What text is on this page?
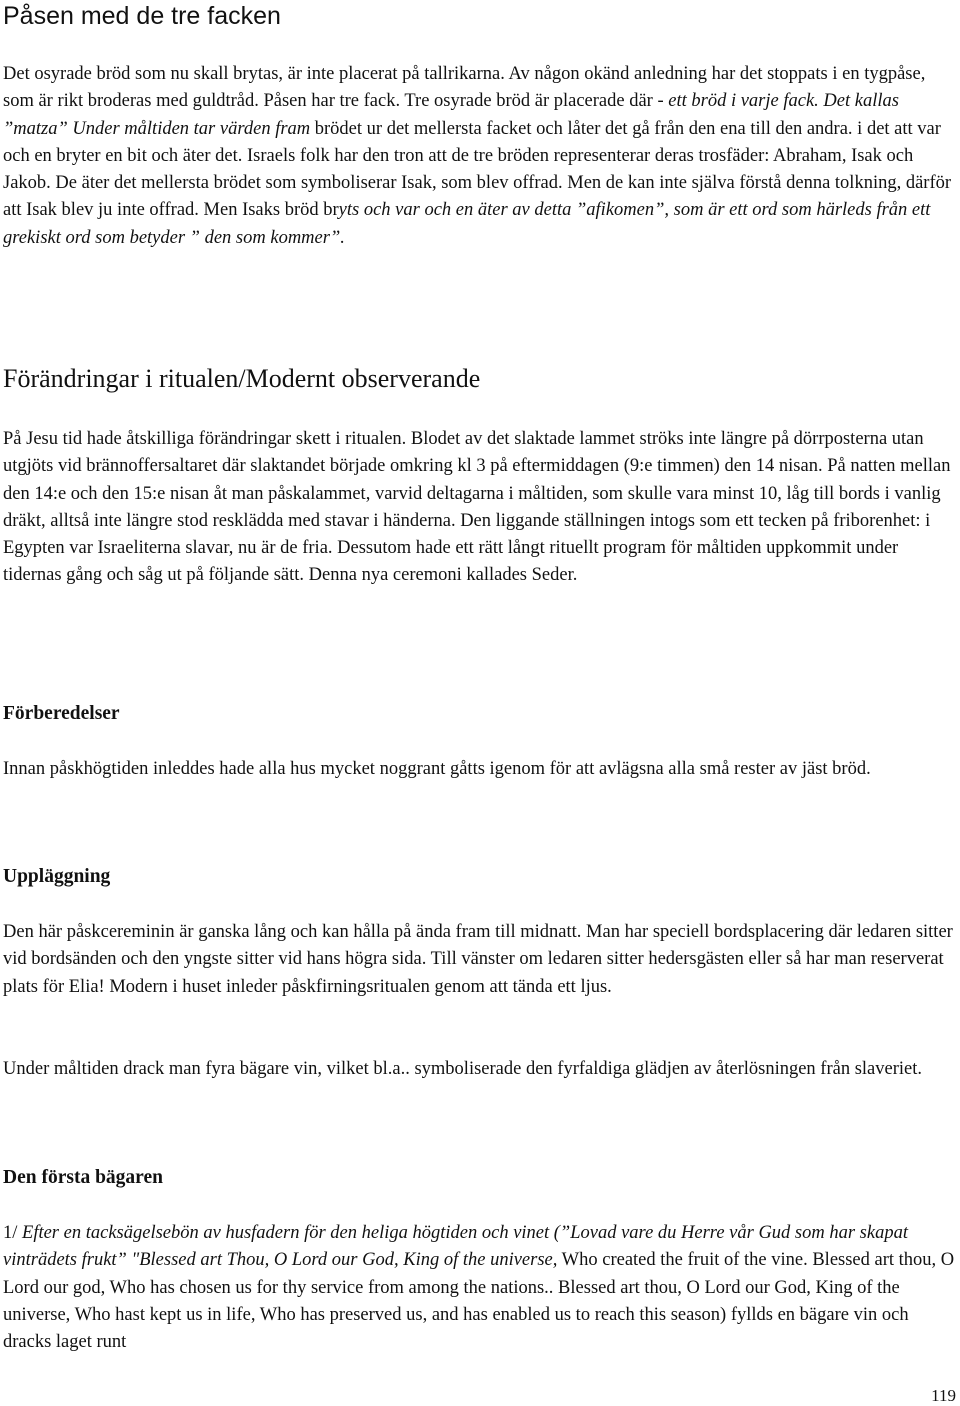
Påsen med de tre facken

Det osyrade bröd som nu skall brytas, är inte placerat på tallrikarna. Av någon okänd anledning har det stoppats i en tygpåse, som är rikt broderas med guldtråd. Påsen har tre fack. Tre osyrade bröd är placerade där - ett bröd i varje fack. Det kallas ”matza” Under måltiden tar värden fram brödet ur det mellersta facket och låter det gå från den ena till den andra. i det att var och en bryter en bit och äter det. Israels folk har den tron att de tre bröden representerar deras trosfäder: Abraham, Isak och Jakob. De äter det mellersta brödet som symboliserar Isak, som blev offrad. Men de kan inte själva förstå denna tolkning, därför att Isak blev ju inte offrad. Men Isaks bröd bryts och var och en äter av detta ”afikomen”, som är ett ord som härleds från ett grekiskt ord som betyder ” den som kommer”.

Förändringar i ritualen/Modernt observerande

På Jesu tid hade åtskilliga förändringar skett i ritualen. Blodet av det slaktade lammet ströks inte längre på dörrposterna utan utgjöts vid brännoffersaltaret där slaktandet började omkring kl 3 på eftermiddagen (9:e timmen) den 14 nisan. På natten mellan den 14:e och den 15:e nisan åt man påskalammet, varvid deltagarna i måltiden, som skulle vara minst 10, låg till bords i vanlig dräkt, alltså inte längre stod resklädda med stavar i händerna. Den liggande ställningen intogs som ett tecken på friborenhet: i Egypten var Israeliterna slavar, nu är de fria. Dessutom hade ett rätt långt rituellt program för måltiden uppkommit under tidernas gång och såg ut på följande sätt. Denna nya ceremoni kallades Seder.

Förberedelser

Innan påskhögtiden inleddes hade alla hus mycket noggrant gåtts igenom för att avlägsna alla små rester av jäst bröd.

Uppläggning

Den här påskcereminin är ganska lång och kan hålla på ända fram till midnatt. Man har speciell bordsplacering där ledaren sitter vid bordsänden och den yngste sitter vid hans högra sida. Till vänster om ledaren sitter hedersgästen eller så har man reserverat plats för Elia! Modern i huset inleder påskfirningsritualen genom att tända ett ljus.

Under måltiden drack man fyra bägare vin, vilket bl.a.. symboliserade den fyrfaldiga glädjen av återlösningen från slaveriet.

Den första bägaren

1/ Efter en tacksägelsebön av husfadern för den heliga högtiden och vinet (”Lovad vare du Herre vår Gud som har skapat vinträdets frukt” "Blessed art Thou, O Lord our God, King of the universe, Who created the fruit of the vine. Blessed art thou, O Lord our god, Who has chosen us for thy service from among the nations.. Blessed art thou, O Lord our God, King of the universe, Who hast kept us in life, Who has preserved us, and has enabled us to reach this season) fyllds en bägare vin och dracks laget runt

119
